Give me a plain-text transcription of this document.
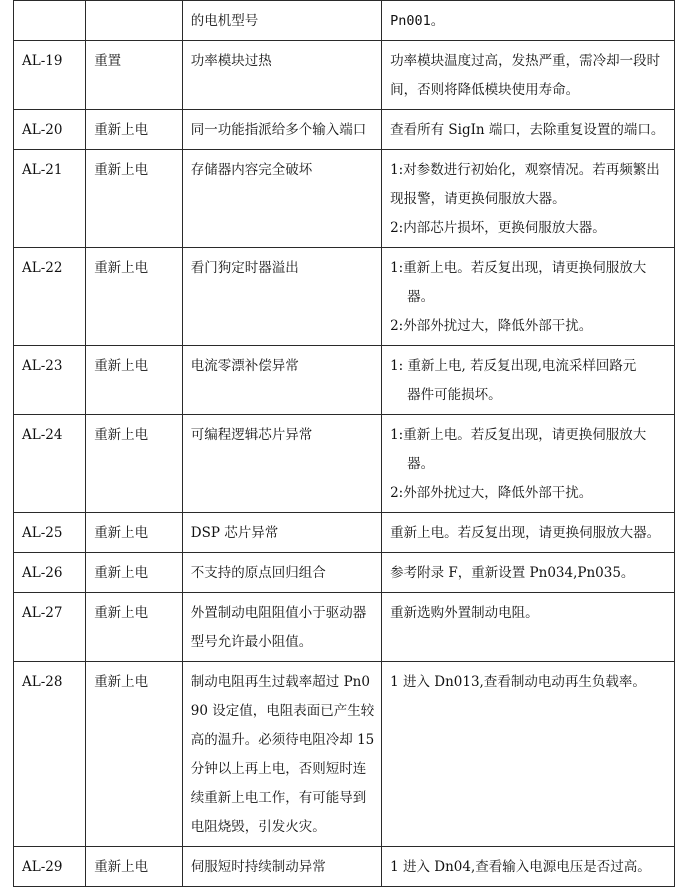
		的电机型号	Pn001。

AL-19	重置	功率模块过热	功率模块温度过高，发热严重，需冷却一段时间，否则将降低模块使用寿命。

AL-20	重新上电	同一功能指派给多个输入端口	查看所有 SigIn 端口，去除重复设置的端口。

AL-21	重新上电	存储器内容完全破坏	1:对参数进行初始化，观察情况。若再频繁出现报警，请更换伺服放大器。
2:内部芯片损坏，更换伺服放大器。

AL-22	重新上电	看门狗定时器溢出	1:重新上电。若反复出现，请更换伺服放大
器。
2:外部外扰过大，降低外部干扰。

AL-23	重新上电	电流零漂补偿异常	1: 重新上电, 若反复出现,电流采样回路元
器件可能损坏。

AL-24	重新上电	可编程逻辑芯片异常	1:重新上电。若反复出现，请更换伺服放大
器。
2:外部外扰过大，降低外部干扰。

AL-25	重新上电	DSP 芯片异常	重新上电。若反复出现，请更换伺服放大器。

AL-26	重新上电	不支持的原点回归组合	参考附录 F，重新设置 Pn034,Pn035。

AL-27	重新上电	外置制动电阻阻值小于驱动器型号允许最小阻值。	重新选购外置制动电阻。

AL-28	重新上电	制动电阻再生过载率超过 Pn090 设定值，电阻表面已产生较高的温升。必须待电阻冷却 15 分钟以上再上电，否则短时连续重新上电工作，有可能导到电阻烧毁，引发火灾。	1 进入 Dn013,查看制动电动再生负载率。

AL-29	重新上电	伺服短时持续制动异常	1 进入 Dn04,查看输入电源电压是否过高。
